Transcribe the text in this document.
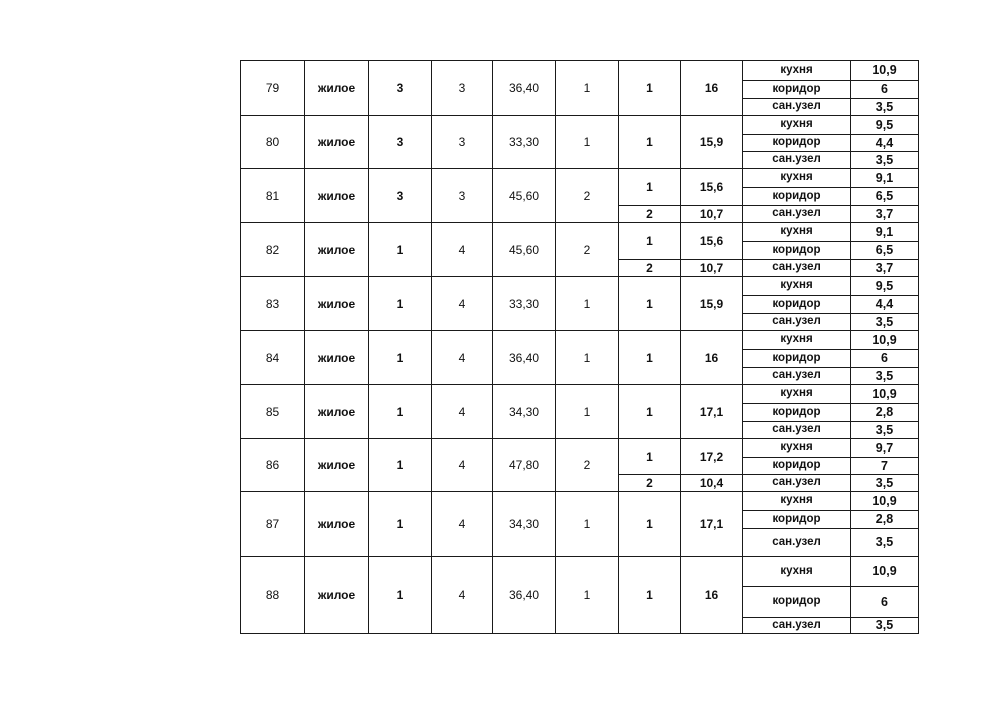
79	жилое	3	3	36,40	1	1	16	кухня	10,9
								коридор	6
								сан.узел	3,5
80	жилое	3	3	33,30	1	1	15,9	кухня	9,5
								коридор	4,4
								сан.узел	3,5
81	жилое	3	3	45,60	2	1	15,6	кухня	9,1
								коридор	6,5
						2	10,7	сан.узел	3,7
82	жилое	1	4	45,60	2	1	15,6	кухня	9,1
								коридор	6,5
						2	10,7	сан.узел	3,7
83	жилое	1	4	33,30	1	1	15,9	кухня	9,5
								коридор	4,4
								сан.узел	3,5
84	жилое	1	4	36,40	1	1	16	кухня	10,9
								коридор	6
								сан.узел	3,5
85	жилое	1	4	34,30	1	1	17,1	кухня	10,9
								коридор	2,8
								сан.узел	3,5
86	жилое	1	4	47,80	2	1	17,2	кухня	9,7
								коридор	7
						2	10,4	сан.узел	3,5
87	жилое	1	4	34,30	1	1	17,1	кухня	10,9
								коридор	2,8
								сан.узел	3,5
88	жилое	1	4	36,40	1	1	16	кухня	10,9
								коридор	6
								сан.узел	3,5
